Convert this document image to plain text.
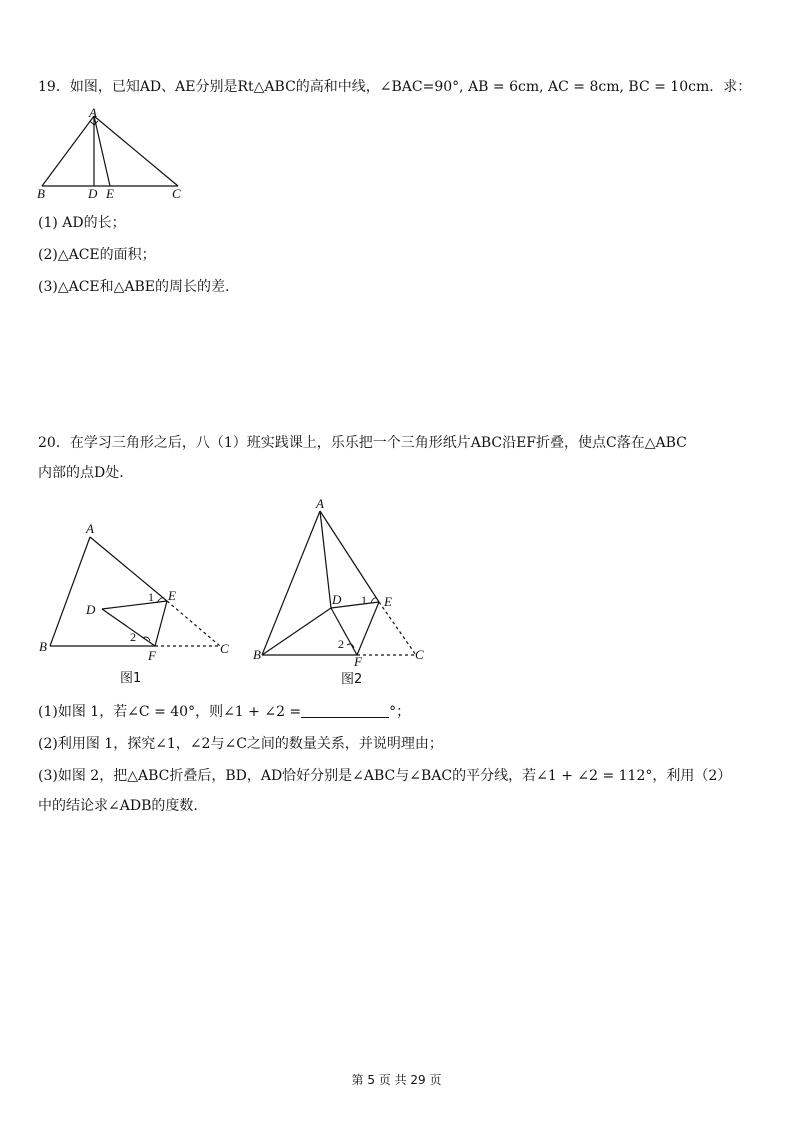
19．如图，已知AD、AE分别是Rt△ABC的高和中线，∠BAC=90°, AB = 6cm, AC = 8cm, BC = 10cm．求：
A
B	D E	C
(1) AD的长；
(2)△ACE的面积；
(3)△ACE和△ABE的周长的差.
20．在学习三角形之后，八（1）班实践课上，乐乐把一个三角形纸片ABC沿EF折叠，使点C落在△ABC
内部的点D处.
A
B	C
D
E
F
1
2
图1
A
B	C
D	E
F
1
2
图2
(1)如图 1，若∠C = 40°，则∠1 + ∠2 =	°；
(2)利用图 1，探究∠1，∠2与∠C之间的数量关系，并说明理由；
(3)如图 2，把△ABC折叠后，BD，AD恰好分别是∠ABC与∠BAC的平分线，若∠1 + ∠2 = 112°，利用（2）
中的结论求∠ADB的度数.
第 5 页 共 29 页
